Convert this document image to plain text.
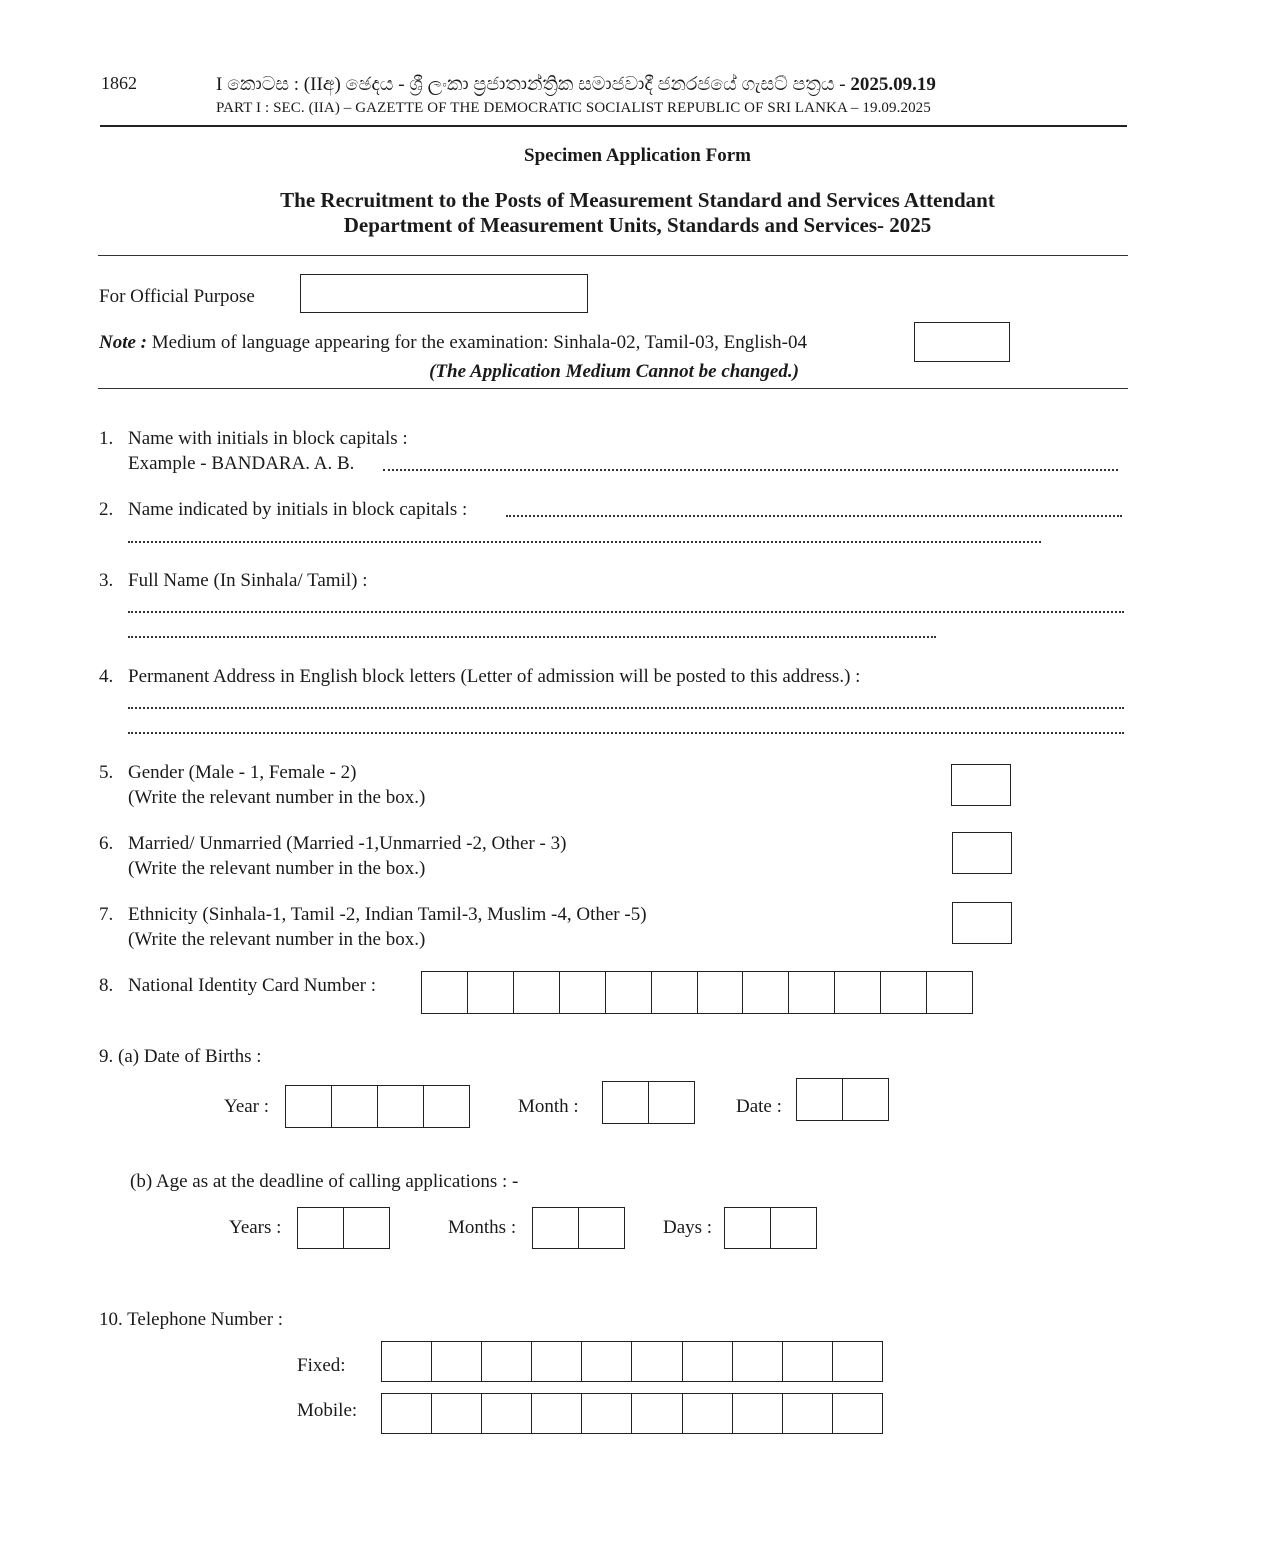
1862	I කොටස : (IIඅ) ඡෙදය - ශ්‍රී ලංකා ප්‍රජාතාන්ත්‍රික සමාජවාදී ජනරජයේ ගැසට් පත්‍රය - 2025.09.19
PART I : SEC. (IIA) – GAZETTE OF THE DEMOCRATIC SOCIALIST REPUBLIC OF SRI LANKA – 19.09.2025
Specimen Application Form
The Recruitment to the Posts of Measurement Standard and Services Attendant
Department of Measurement Units, Standards and Services- 2025
For Official Purpose
Note : Medium of language appearing for the examination: Sinhala-02, Tamil-03, English-04
(The Application Medium Cannot be changed.)
1. Name with initials in block capitals :
Example - BANDARA. A. B.
2. Name indicated by initials in block capitals :
3. Full Name (In Sinhala/ Tamil) :
4. Permanent Address in English block letters (Letter of admission will be posted to this address.) :
5. Gender (Male - 1, Female - 2)
(Write the relevant number in the box.)
6. Married/ Unmarried (Married -1,Unmarried -2, Other - 3)
(Write the relevant number in the box.)
7. Ethnicity (Sinhala-1, Tamil -2, Indian Tamil-3, Muslim -4, Other -5)
(Write the relevant number in the box.)
8. National Identity Card Number :
9. (a) Date of Births :
Year :	Month :	Date :
(b) Age as at the deadline of calling applications : -
Years :	Months :	Days :
10. Telephone Number :
Fixed:
Mobile:
